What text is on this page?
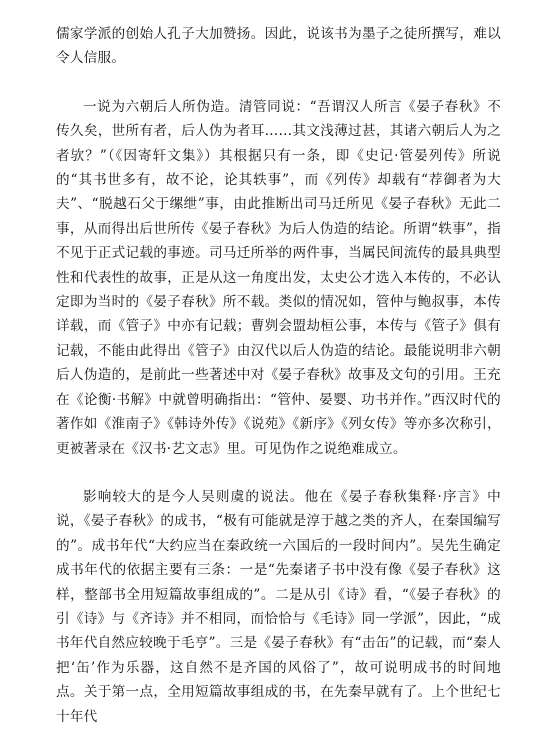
儒家学派的创始人孔子大加赞扬。因此，说该书为墨子之徒所撰写，难以令人信服。

一说为六朝后人所伪造。清管同说：“吾谓汉人所言《晏子春秋》不传久矣，世所有者，后人伪为者耳……其文浅薄过甚，其诸六朝后人为之者欤？”（《因寄轩文集》）其根据只有一条，即《史记·管晏列传》所说的“其书世多有，故不论，论其轶事”，而《列传》却载有“荐御者为大夫”、“脱越石父于缧绁”事，由此推断出司马迁所见《晏子春秋》无此二事，从而得出后世所传《晏子春秋》为后人伪造的结论。所谓“轶事”，指不见于正式记载的事迹。司马迁所举的两件事，当属民间流传的最具典型性和代表性的故事，正是从这一角度出发，太史公才选入本传的，不必认定即为当时的《晏子春秋》所不载。类似的情况如，管仲与鲍叔事，本传详载，而《管子》中亦有记载；曹刿会盟劫桓公事，本传与《管子》俱有记载，不能由此得出《管子》由汉代以后人伪造的结论。最能说明非六朝后人伪造的，是前此一些著述中对《晏子春秋》故事及文句的引用。王充在《论衡·书解》中就曾明确指出：“管仲、晏婴、功书并作。”西汉时代的著作如《淮南子》《韩诗外传》《说苑》《新序》《列女传》等亦多次称引，更被著录在《汉书·艺文志》里。可见伪作之说绝难成立。

影响较大的是今人吴则虞的说法。他在《晏子春秋集释·序言》中说，《晏子春秋》的成书，“极有可能就是淳于越之类的齐人，在秦国编写的”。成书年代“大约应当在秦政统一六国后的一段时间内”。吴先生确定成书年代的依据主要有三条：一是“先秦诸子书中没有像《晏子春秋》这样，整部书全用短篇故事组成的”。二是从引《诗》看，“《晏子春秋》的引《诗》与《齐诗》并不相同，而恰恰与《毛诗》同一学派”，因此，“成书年代自然应较晚于毛亨”。三是《晏子春秋》有“击缶”的记载，而“秦人把‘缶’作为乐器，这自然不是齐国的风俗了”，故可说明成书的时间地点。关于第一点，全用短篇故事组成的书，在先秦早就有了。上个世纪七十年代
